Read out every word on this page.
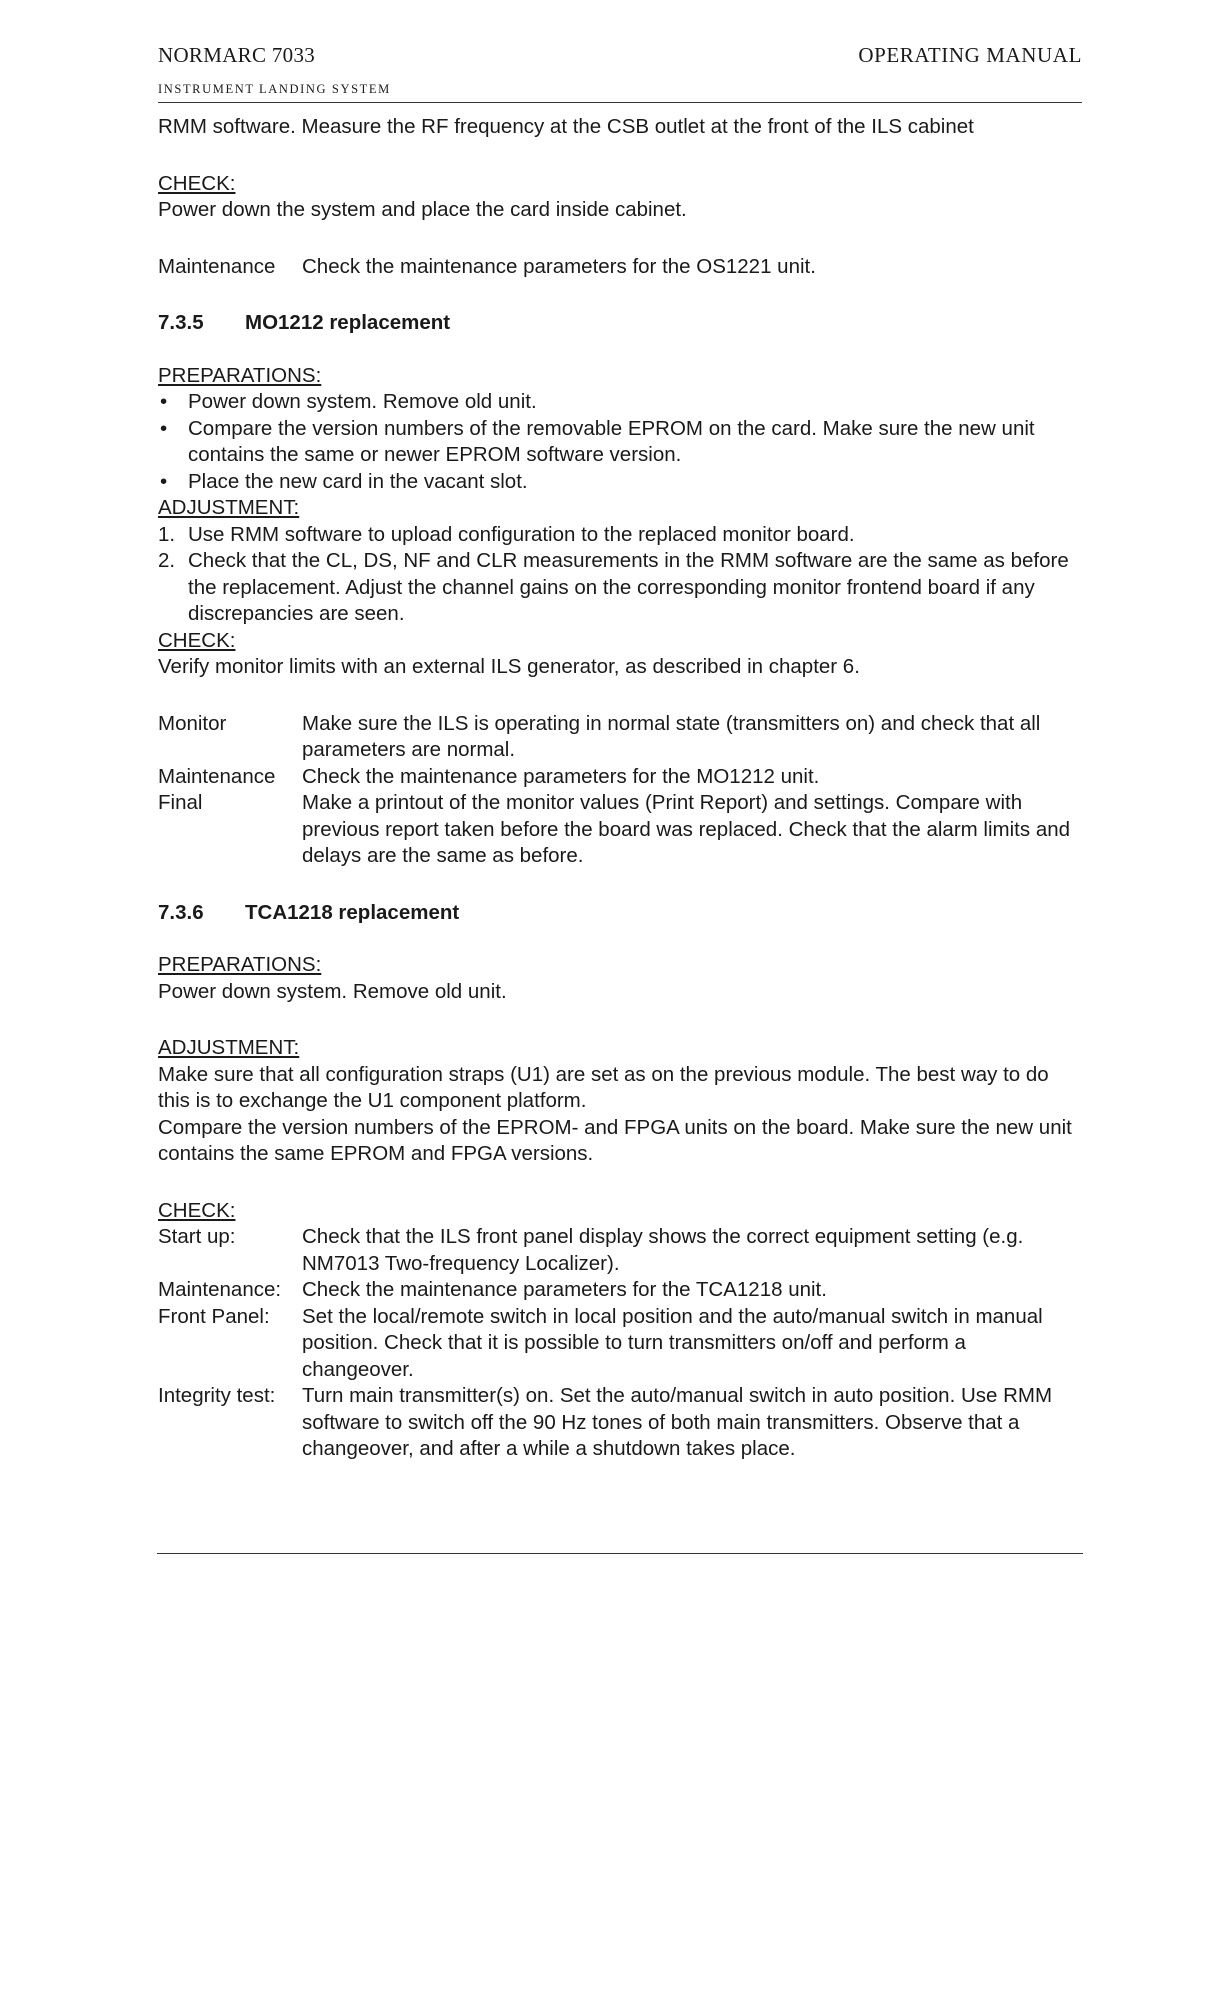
NORMARC 7033
INSTRUMENT LANDING SYSTEM
OPERATING MANUAL

RMM software. Measure the RF frequency at the CSB outlet at the front of the ILS cabinet

CHECK:

Power down the system and place the card inside cabinet.

Maintenance Check the maintenance parameters for the OS1221 unit.
7.3.5	MO1212 replacement

PREPARATIONS:

• Power down system. Remove old unit.
• Compare the version numbers of the removable EPROM on the card. Make sure the new unit contains the same or newer EPROM software version.
• Place the new card in the vacant slot.

ADJUSTMENT:

1. Use RMM software to upload configuration to the replaced monitor board.
2. Check that the CL, DS, NF and CLR measurements in the RMM software are the same as before the replacement. Adjust the channel gains on the corresponding monitor frontend board if any discrepancies are seen.

CHECK:

Verify monitor limits with an external ILS generator, as described in chapter 6.

Monitor	Make sure the ILS is operating in normal state (transmitters on) and check that all parameters are normal.
Maintenance	Check the maintenance parameters for the MO1212 unit.
Final	Make a printout of the monitor values (Print Report) and settings. Compare with previous report taken before the board was replaced. Check that the alarm limits and delays are the same as before.
7.3.6	TCA1218 replacement

PREPARATIONS:

Power down system. Remove old unit.

ADJUSTMENT:

Make sure that all configuration straps (U1) are set as on the previous module. The best way to do this is to exchange the U1 component platform.

Compare the version numbers of the EPROM- and FPGA units on the board. Make sure the new unit contains the same EPROM and FPGA versions.

CHECK:

Start up:	Check that the ILS front panel display shows the correct equipment setting (e.g. NM7013 Two-frequency Localizer).
Maintenance:	Check the maintenance parameters for the TCA1218 unit.
Front Panel:	Set the local/remote switch in local position and the auto/manual switch in manual position. Check that it is possible to turn transmitters on/off and perform a changeover.
Integrity test:	Turn main transmitter(s) on. Set the auto/manual switch in auto position. Use RMM software to switch off the 90 Hz tones of both main transmitters. Observe that a changeover, and after a while a shutdown takes place.
